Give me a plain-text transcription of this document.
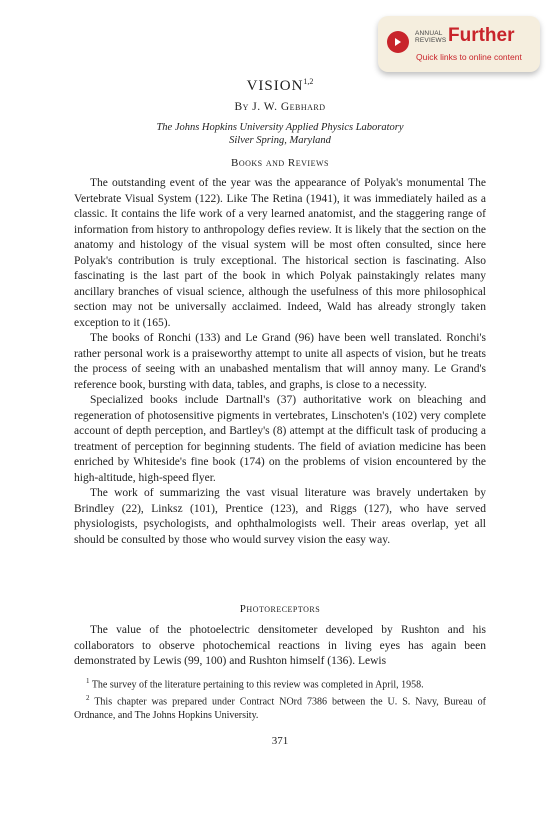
ANNUAL
REVIEWS Further
Quick links to online content
VISION$^{1,2}$
By J. W. Gebhard
The Johns Hopkins University Applied Physics Laboratory
Silver Spring, Maryland
Books and Reviews

The outstanding event of the year was the appearance of Polyak's monumental The Vertebrate Visual System (122). Like The Retina (1941), it was immediately hailed as a classic. It contains the life work of a very learned anatomist, and the staggering range of information from history to anthropology defies review. It is likely that the section on the anatomy and histology of the visual system will be most often consulted, since here Polyak's contribution is truly exceptional. The historical section is fascinating. Also fascinating is the last part of the book in which Polyak painstakingly relates many ancillary branches of visual science, although the usefulness of this more philosophical section may not be universally acclaimed. Indeed, Wald has already strongly taken exception to it (165).

The books of Ronchi (133) and Le Grand (96) have been well translated. Ronchi's rather personal work is a praiseworthy attempt to unite all aspects of vision, but he treats the process of seeing with an unabashed mentalism that will annoy many. Le Grand's reference book, bursting with data, tables, and graphs, is close to a necessity.

Specialized books include Dartnall's (37) authoritative work on bleaching and regeneration of photosensitive pigments in vertebrates, Linschoten's (102) very complete account of depth perception, and Bartley's (8) attempt at the difficult task of producing a treatment of perception for beginning students. The field of aviation medicine has been enriched by Whiteside's fine book (174) on the problems of vision encountered by the high-altitude, high-speed flyer.

The work of summarizing the vast visual literature was bravely undertaken by Brindley (22), Linksz (101), Prentice (123), and Riggs (127), who have served physiologists, psychologists, and ophthalmologists well. Their areas overlap, yet all should be consulted by those who would survey vision the easy way.

Photoreceptors

The value of the photoelectric densitometer developed by Rushton and his collaborators to observe photochemical reactions in living eyes has again been demonstrated by Lewis (99, 100) and Rushton himself (136). Lewis

$^1$ The survey of the literature pertaining to this review was completed in April, 1958.

$^2$ This chapter was prepared under Contract NOrd 7386 between the U. S. Navy, Bureau of Ordnance, and The Johns Hopkins University.

371
